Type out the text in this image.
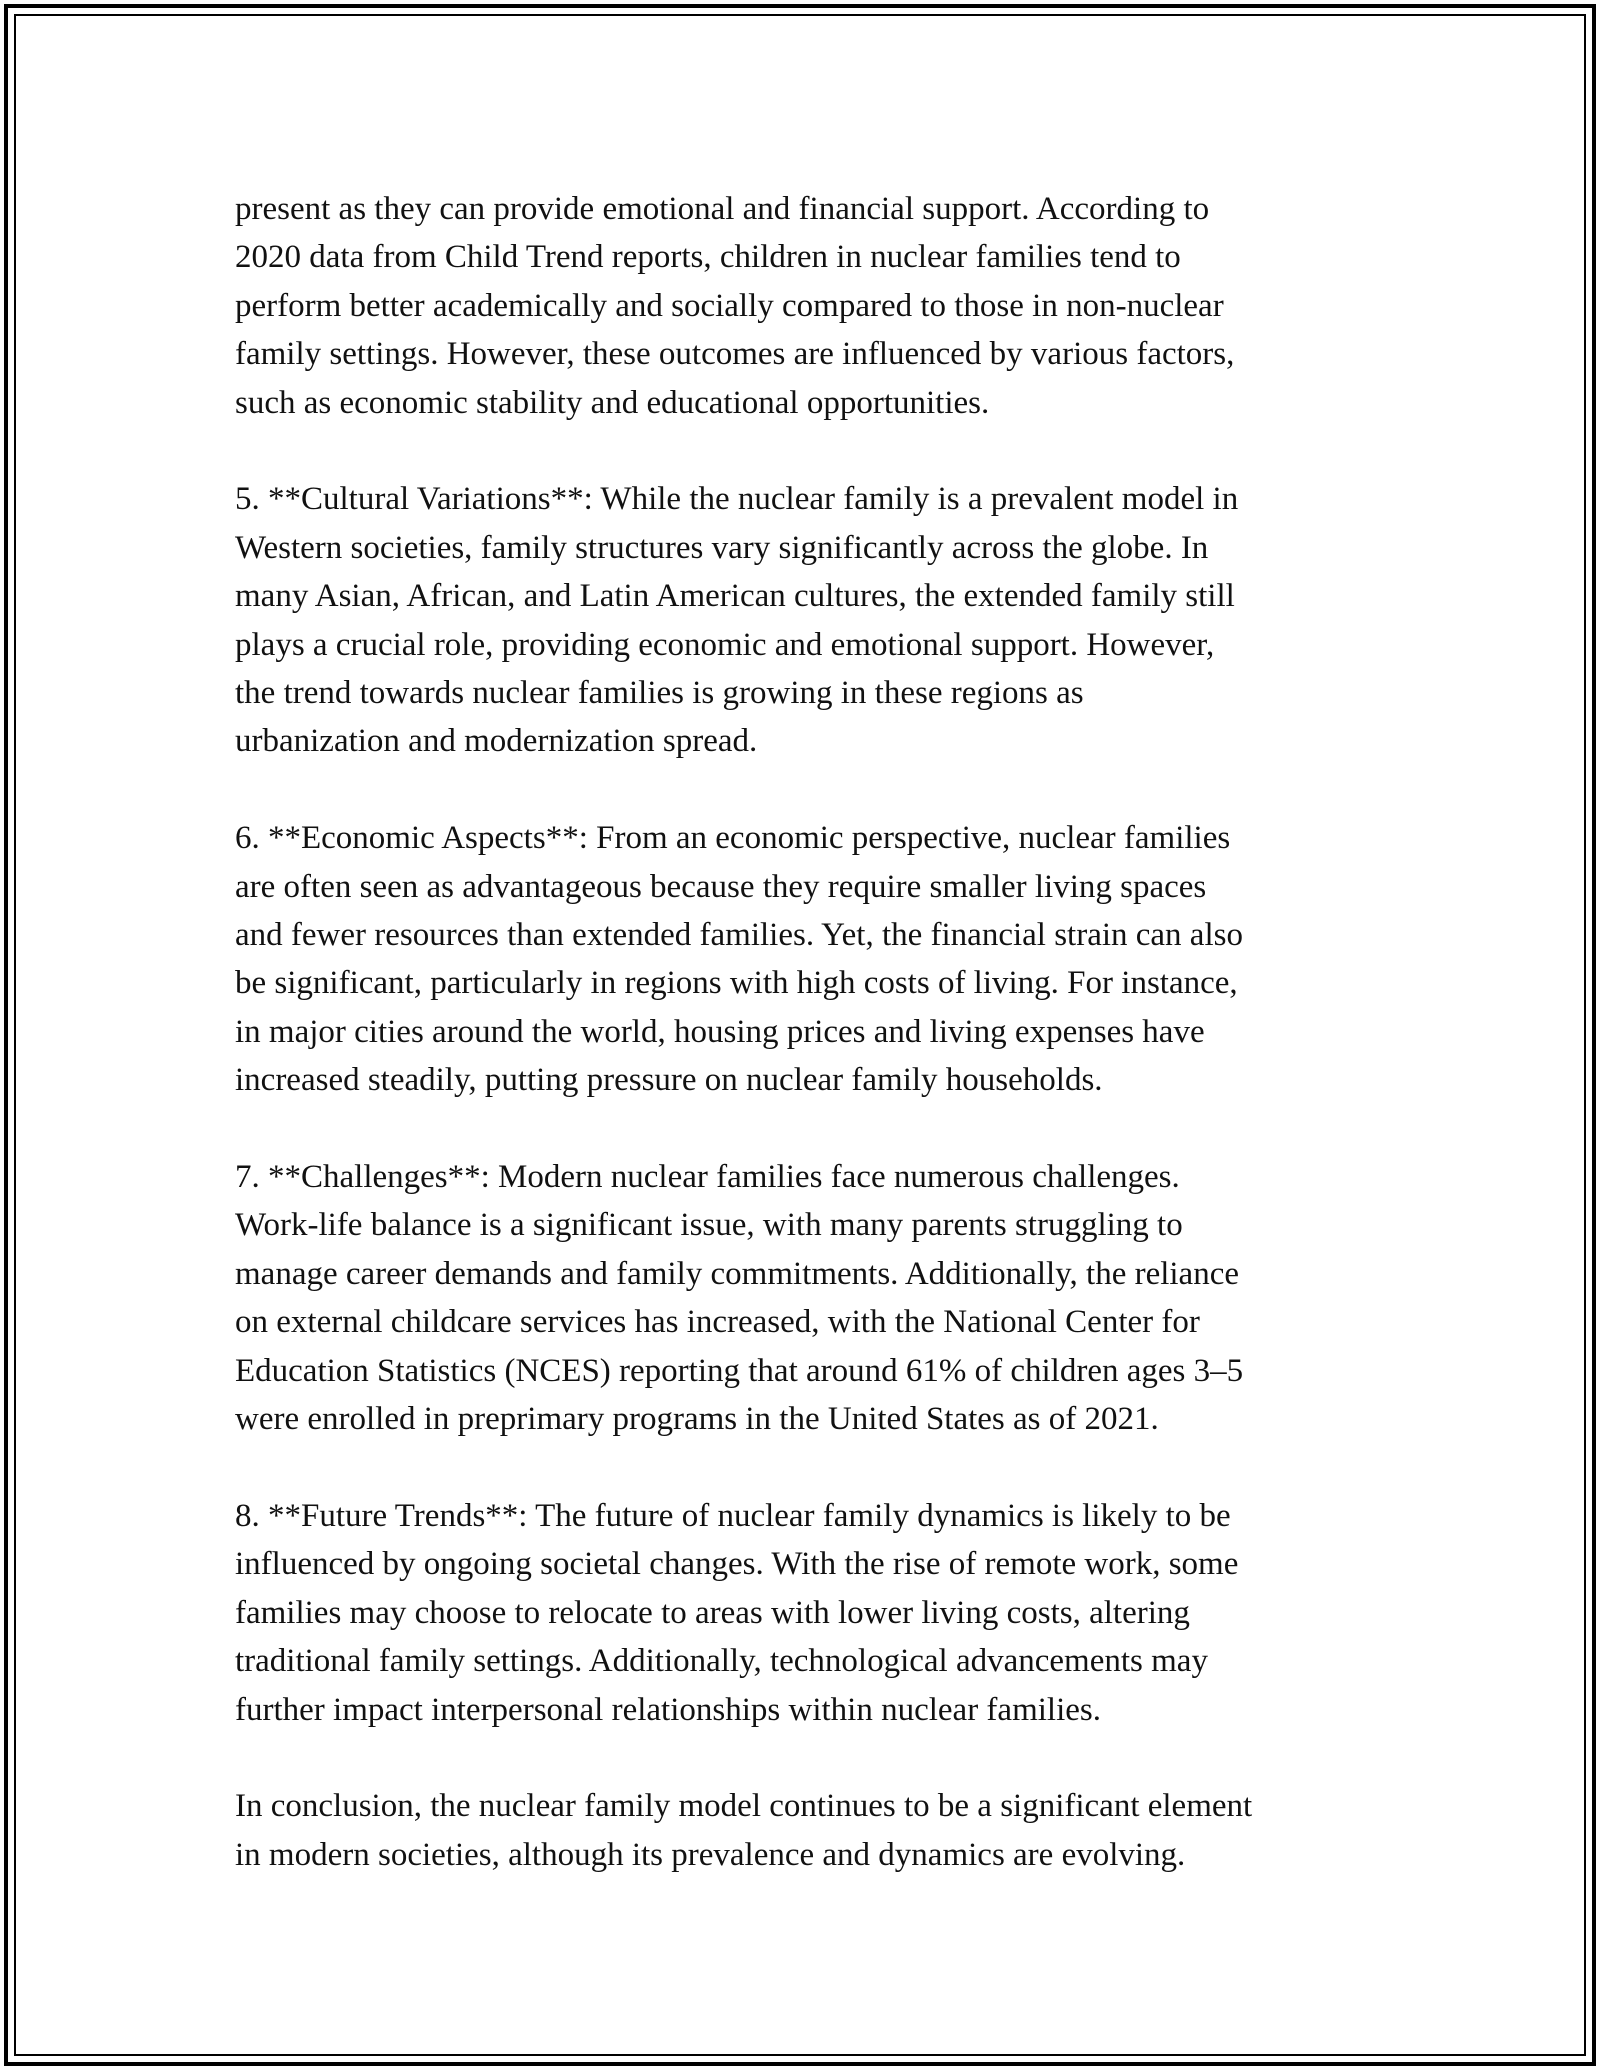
present as they can provide emotional and financial support. According to
2020 data from Child Trend reports, children in nuclear families tend to
perform better academically and socially compared to those in non-nuclear
family settings. However, these outcomes are influenced by various factors,
such as economic stability and educational opportunities.

5. **Cultural Variations**: While the nuclear family is a prevalent model in
Western societies, family structures vary significantly across the globe. In
many Asian, African, and Latin American cultures, the extended family still
plays a crucial role, providing economic and emotional support. However,
the trend towards nuclear families is growing in these regions as
urbanization and modernization spread.

6. **Economic Aspects**: From an economic perspective, nuclear families
are often seen as advantageous because they require smaller living spaces
and fewer resources than extended families. Yet, the financial strain can also
be significant, particularly in regions with high costs of living. For instance,
in major cities around the world, housing prices and living expenses have
increased steadily, putting pressure on nuclear family households.

7. **Challenges**: Modern nuclear families face numerous challenges.
Work-life balance is a significant issue, with many parents struggling to
manage career demands and family commitments. Additionally, the reliance
on external childcare services has increased, with the National Center for
Education Statistics (NCES) reporting that around 61% of children ages 3–5
were enrolled in preprimary programs in the United States as of 2021.

8. **Future Trends**: The future of nuclear family dynamics is likely to be
influenced by ongoing societal changes. With the rise of remote work, some
families may choose to relocate to areas with lower living costs, altering
traditional family settings. Additionally, technological advancements may
further impact interpersonal relationships within nuclear families.

In conclusion, the nuclear family model continues to be a significant element
in modern societies, although its prevalence and dynamics are evolving.
